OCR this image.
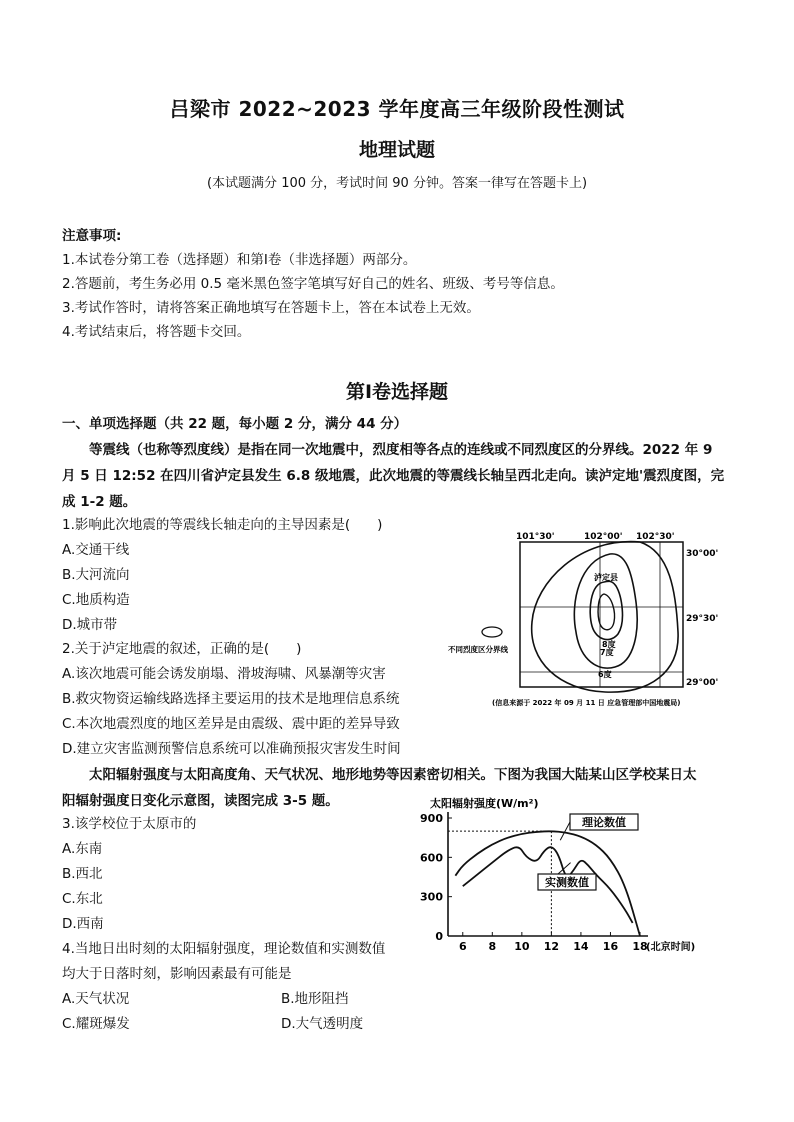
吕梁市 2022~2023 学年度高三年级阶段性测试
地理试题
(本试题满分 100 分，考试时间 90 分钟。答案一律写在答题卡上)
注意事项:
1.本试卷分第工卷（选择题）和第Ⅰ卷（非选择题）两部分。
2.答题前，考生务必用 0.5 毫米黑色签字笔填写好自己的姓名、班级、考号等信息。
3.考试作答时，请将答案正确地填写在答题卡上，答在本试卷上无效。
4.考试结束后，将答题卡交回。
第Ⅰ卷选择题
一、单项选择题（共 22 题，每小题 2 分，满分 44 分）
等震线（也称等烈度线）是指在同一次地震中，烈度相等各点的连线或不同烈度区的分界线。2022 年 9
月 5 日 12:52 在四川省泸定县发生 6.8 级地震，此次地震的等震线长轴呈西北走向。读泸定地'震烈度图，完
成 1-2 题。
1.影响此次地震的等震线长轴走向的主导因素是(　　)
A.交通干线
B.大河流向
C.地质构造
D.城市带
2.关于泸定地震的叙述，正确的是(　　)
A.该次地震可能会诱发崩塌、滑坡海啸、风暴潮等灾害
B.救灾物资运输线路选择主要运用的技术是地理信息系统
C.本次地震烈度的地区差异是由震级、震中距的差异导致
D.建立灾害监测预警信息系统可以准确预报灾害发生时间
101°30'	102°00' 102°30'
30°00'
29°30'
29°00'
泸定县
8度
7度
6度
不同烈度区分界线
(信息来源于 2022 年 09 月 11 日 应急管理部中国地震局)
太阳辐射强度与太阳高度角、天气状况、地形地势等因素密切相关。下图为我国大陆某山区学校某日太
阳辐射强度日变化示意图，读图完成 3-5 题。
3.该学校位于太原市的
A.东南
B.西北
C.东北
D.西南
4.当地日出时刻的太阳辐射强度，理论数值和实测数值
均大于日落时刻，影响因素最有可能是
A.天气状况	B.地形阻挡
C.耀斑爆发	D.大气透明度
太阳辐射强度(W/m²)
0
300
600
900
6 8 10 12 14 16 18
(北京时间)
理论数值
实测数值
